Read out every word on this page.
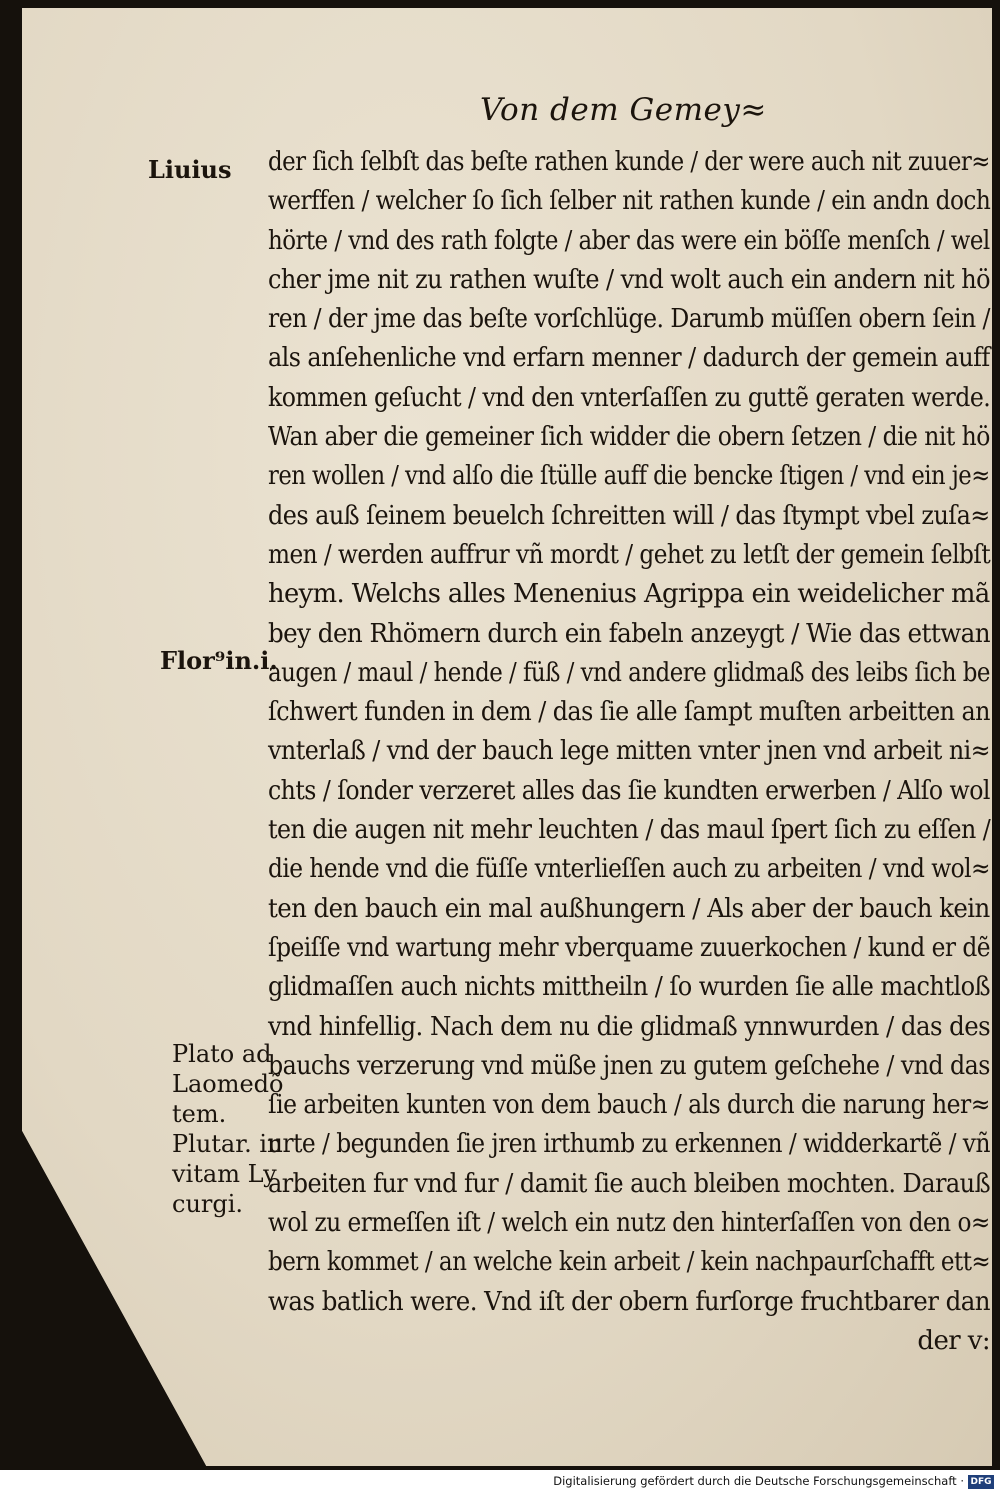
Von dem Gemey≈
Liuius
Flor⁹in.i.
Plato ad
Laomedõ
tem.
Plutar. in
vitam Ly
curgi.
der ſich ſelbſt das beſte rathen kunde / der were auch nit zuuer≈
werffen / welcher ſo ſich ſelber nit rathen kunde / ein andn doch
hörte / vnd des rath folgte / aber das were ein böſſe menſch / wel
cher jme nit zu rathen wuſte / vnd wolt auch ein andern nit hö
ren / der jme das beſte vorſchlüge. Darumb müſſen obern ſein /
als anſehenliche vnd erfarn menner / dadurch der gemein auff
kommen geſucht / vnd den vnterſaſſen zu guttẽ geraten werde.
Wan aber die gemeiner ſich widder die obern ſetzen / die nit hö
ren wollen / vnd alſo die ſtülle auff die bencke ſtigen / vnd ein je≈
des auß ſeinem beuelch ſchreitten will / das ſtympt vbel zuſa≈
men / werden auffrur vñ mordt / gehet zu letſt der gemein ſelbſt
heym. Welchs alles Menenius Agrippa ein weidelicher mã
bey den Rhömern durch ein fabeln anzeygt / Wie das ettwan
augen / maul / hende / füß / vnd andere glidmaß des leibs ſich be
ſchwert funden in dem / das ſie alle ſampt muſten arbeitten an
vnterlaß / vnd der bauch lege mitten vnter jnen vnd arbeit ni≈
chts / ſonder verzeret alles das ſie kundten erwerben / Alſo wol
ten die augen nit mehr leuchten / das maul ſpert ſich zu eſſen /
die hende vnd die füſſe vnterlieſſen auch zu arbeiten / vnd wol≈
ten den bauch ein mal außhungern / Als aber der bauch kein
ſpeiſſe vnd wartung mehr vberquame zuuerkochen / kund er dẽ
glidmaſſen auch nichts mittheiln / ſo wurden ſie alle machtloß
vnd hinfellig. Nach dem nu die glidmaß ynnwurden / das des
bauchs verzerung vnd müße jnen zu gutem geſchehe / vnd das
ſie arbeiten kunten von dem bauch / als durch die narung her≈
urte / begunden ſie jren irthumb zu erkennen / widderkartẽ / vñ
arbeiten fur vnd fur / damit ſie auch bleiben mochten. Darauß
wol zu ermeſſen iſt / welch ein nutz den hinterſaſſen von den o≈
bern kommet / an welche kein arbeit / kein nachpaurſchafft ett≈
was batlich were. Vnd iſt der obern furſorge fruchtbarer dan
der v:
Digitalisierung gefördert durch die Deutsche Forschungsgemeinschaft · DFG
